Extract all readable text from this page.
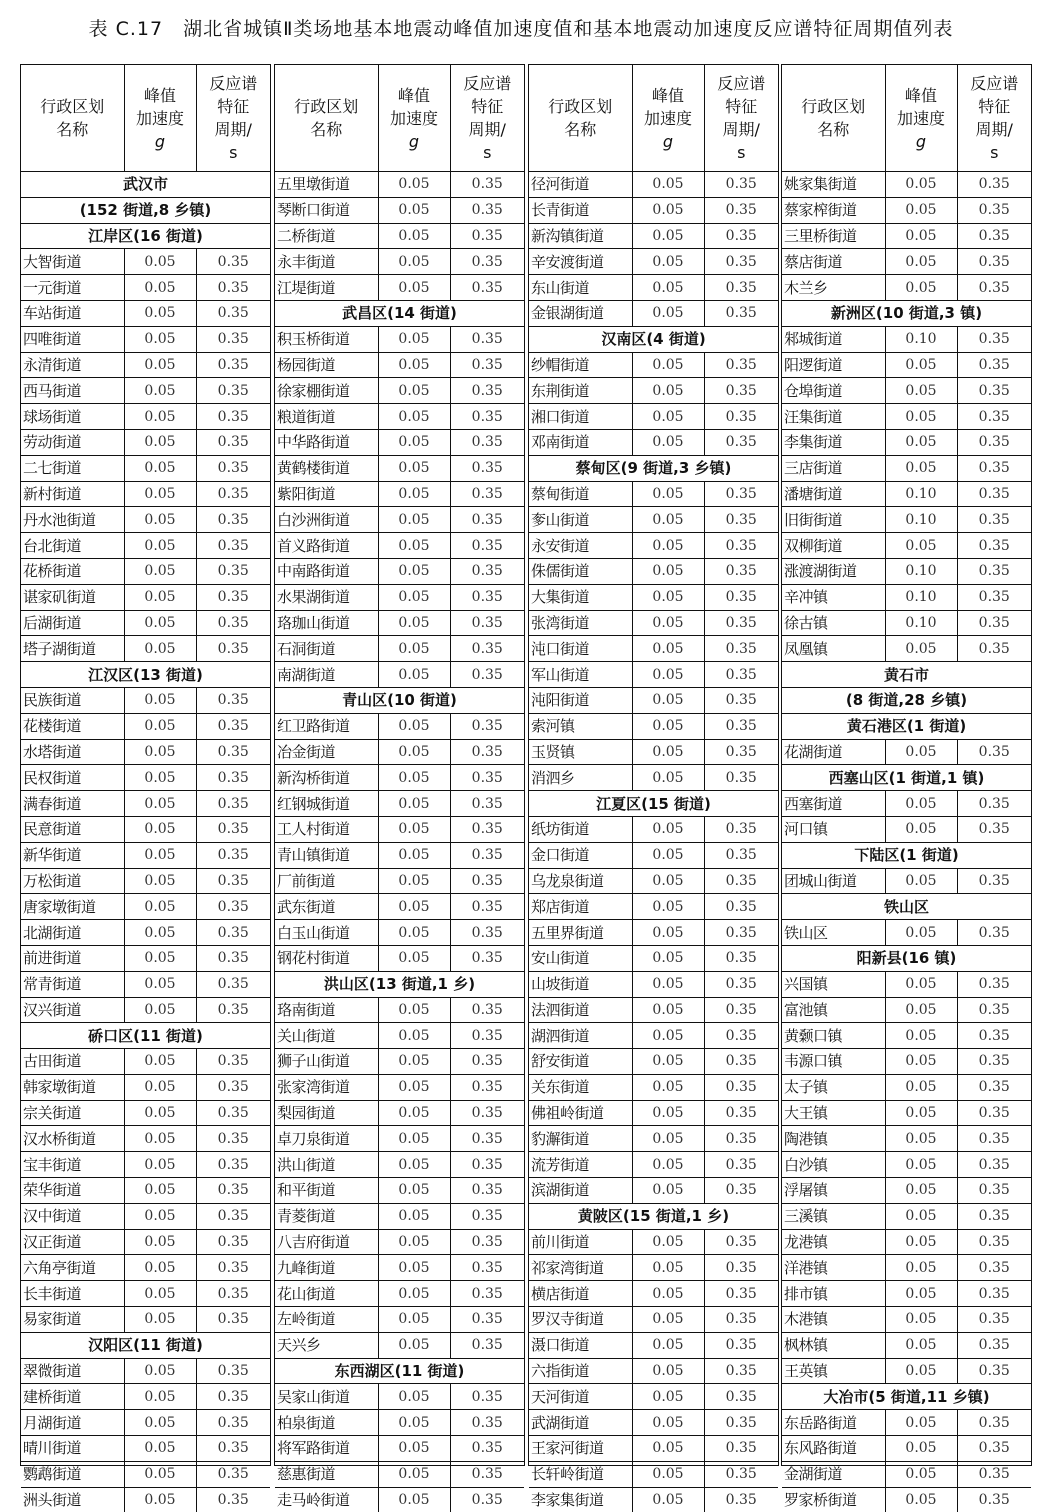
表 C.17　湖北省城镇Ⅱ类场地基本地震动峰值加速度值和基本地震动加速度反应谱特征周期值列表
行政区划
名称	峰值
加速度
g	反应谱
特征
周期/
s
武汉市		
(152 街道,8 乡镇)		
江岸区(16 街道)		
大智街道	0.05	0.35
一元街道	0.05	0.35
车站街道	0.05	0.35
四唯街道	0.05	0.35
永清街道	0.05	0.35
西马街道	0.05	0.35
球场街道	0.05	0.35
劳动街道	0.05	0.35
二七街道	0.05	0.35
新村街道	0.05	0.35
丹水池街道	0.05	0.35
台北街道	0.05	0.35
花桥街道	0.05	0.35
谌家矶街道	0.05	0.35
后湖街道	0.05	0.35
塔子湖街道	0.05	0.35
江汉区(13 街道)		
民族街道	0.05	0.35
花楼街道	0.05	0.35
水塔街道	0.05	0.35
民权街道	0.05	0.35
满春街道	0.05	0.35
民意街道	0.05	0.35
新华街道	0.05	0.35
万松街道	0.05	0.35
唐家墩街道	0.05	0.35
北湖街道	0.05	0.35
前进街道	0.05	0.35
常青街道	0.05	0.35
汉兴街道	0.05	0.35
硚口区(11 街道)		
古田街道	0.05	0.35
韩家墩街道	0.05	0.35
宗关街道	0.05	0.35
汉水桥街道	0.05	0.35
宝丰街道	0.05	0.35
荣华街道	0.05	0.35
汉中街道	0.05	0.35
汉正街道	0.05	0.35
六角亭街道	0.05	0.35
长丰街道	0.05	0.35
易家街道	0.05	0.35
汉阳区(11 街道)		
翠微街道	0.05	0.35
建桥街道	0.05	0.35
月湖街道	0.05	0.35
晴川街道	0.05	0.35
鹦鹉街道	0.05	0.35
洲头街道	0.05	0.35
行政区划
名称	峰值
加速度
g	反应谱
特征
周期/
s
五里墩街道	0.05	0.35
琴断口街道	0.05	0.35
二桥街道	0.05	0.35
永丰街道	0.05	0.35
江堤街道	0.05	0.35
武昌区(14 街道)		
积玉桥街道	0.05	0.35
杨园街道	0.05	0.35
徐家棚街道	0.05	0.35
粮道街道	0.05	0.35
中华路街道	0.05	0.35
黄鹤楼街道	0.05	0.35
紫阳街道	0.05	0.35
白沙洲街道	0.05	0.35
首义路街道	0.05	0.35
中南路街道	0.05	0.35
水果湖街道	0.05	0.35
珞珈山街道	0.05	0.35
石洞街道	0.05	0.35
南湖街道	0.05	0.35
青山区(10 街道)		
红卫路街道	0.05	0.35
冶金街道	0.05	0.35
新沟桥街道	0.05	0.35
红钢城街道	0.05	0.35
工人村街道	0.05	0.35
青山镇街道	0.05	0.35
厂前街道	0.05	0.35
武东街道	0.05	0.35
白玉山街道	0.05	0.35
钢花村街道	0.05	0.35
洪山区(13 街道,1 乡)		
珞南街道	0.05	0.35
关山街道	0.05	0.35
狮子山街道	0.05	0.35
张家湾街道	0.05	0.35
梨园街道	0.05	0.35
卓刀泉街道	0.05	0.35
洪山街道	0.05	0.35
和平街道	0.05	0.35
青菱街道	0.05	0.35
八吉府街道	0.05	0.35
九峰街道	0.05	0.35
花山街道	0.05	0.35
左岭街道	0.05	0.35
天兴乡	0.05	0.35
东西湖区(11 街道)		
吴家山街道	0.05	0.35
柏泉街道	0.05	0.35
将军路街道	0.05	0.35
慈惠街道	0.05	0.35
走马岭街道	0.05	0.35
行政区划
名称	峰值
加速度
g	反应谱
特征
周期/
s
径河街道	0.05	0.35
长青街道	0.05	0.35
新沟镇街道	0.05	0.35
辛安渡街道	0.05	0.35
东山街道	0.05	0.35
金银湖街道	0.05	0.35
汉南区(4 街道)		
纱帽街道	0.05	0.35
东荆街道	0.05	0.35
湘口街道	0.05	0.35
邓南街道	0.05	0.35
蔡甸区(9 街道,3 乡镇)		
蔡甸街道	0.05	0.35
奓山街道	0.05	0.35
永安街道	0.05	0.35
侏儒街道	0.05	0.35
大集街道	0.05	0.35
张湾街道	0.05	0.35
沌口街道	0.05	0.35
军山街道	0.05	0.35
沌阳街道	0.05	0.35
索河镇	0.05	0.35
玉贤镇	0.05	0.35
消泗乡	0.05	0.35
江夏区(15 街道)		
纸坊街道	0.05	0.35
金口街道	0.05	0.35
乌龙泉街道	0.05	0.35
郑店街道	0.05	0.35
五里界街道	0.05	0.35
安山街道	0.05	0.35
山坡街道	0.05	0.35
法泗街道	0.05	0.35
湖泗街道	0.05	0.35
舒安街道	0.05	0.35
关东街道	0.05	0.35
佛祖岭街道	0.05	0.35
豹澥街道	0.05	0.35
流芳街道	0.05	0.35
滨湖街道	0.05	0.35
黄陂区(15 街道,1 乡)		
前川街道	0.05	0.35
祁家湾街道	0.05	0.35
横店街道	0.05	0.35
罗汉寺街道	0.05	0.35
滠口街道	0.05	0.35
六指街道	0.05	0.35
天河街道	0.05	0.35
武湖街道	0.05	0.35
王家河街道	0.05	0.35
长轩岭街道	0.05	0.35
李家集街道	0.05	0.35
行政区划
名称	峰值
加速度
g	反应谱
特征
周期/
s
姚家集街道	0.05	0.35
蔡家榨街道	0.05	0.35
三里桥街道	0.05	0.35
蔡店街道	0.05	0.35
木兰乡	0.05	0.35
新洲区(10 街道,3 镇)		
邾城街道	0.10	0.35
阳逻街道	0.05	0.35
仓埠街道	0.05	0.35
汪集街道	0.05	0.35
李集街道	0.05	0.35
三店街道	0.05	0.35
潘塘街道	0.10	0.35
旧街街道	0.10	0.35
双柳街道	0.05	0.35
涨渡湖街道	0.10	0.35
辛冲镇	0.10	0.35
徐古镇	0.10	0.35
凤凰镇	0.05	0.35
黄石市		
(8 街道,28 乡镇)		
黄石港区(1 街道)		
花湖街道	0.05	0.35
西塞山区(1 街道,1 镇)		
西塞街道	0.05	0.35
河口镇	0.05	0.35
下陆区(1 街道)		
团城山街道	0.05	0.35
铁山区		
铁山区	0.05	0.35
阳新县(16 镇)		
兴国镇	0.05	0.35
富池镇	0.05	0.35
黄颡口镇	0.05	0.35
韦源口镇	0.05	0.35
太子镇	0.05	0.35
大王镇	0.05	0.35
陶港镇	0.05	0.35
白沙镇	0.05	0.35
浮屠镇	0.05	0.35
三溪镇	0.05	0.35
龙港镇	0.05	0.35
洋港镇	0.05	0.35
排市镇	0.05	0.35
木港镇	0.05	0.35
枫林镇	0.05	0.35
王英镇	0.05	0.35
大冶市(5 街道,11 乡镇)		
东岳路街道	0.05	0.35
东风路街道	0.05	0.35
金湖街道	0.05	0.35
罗家桥街道	0.05	0.35
